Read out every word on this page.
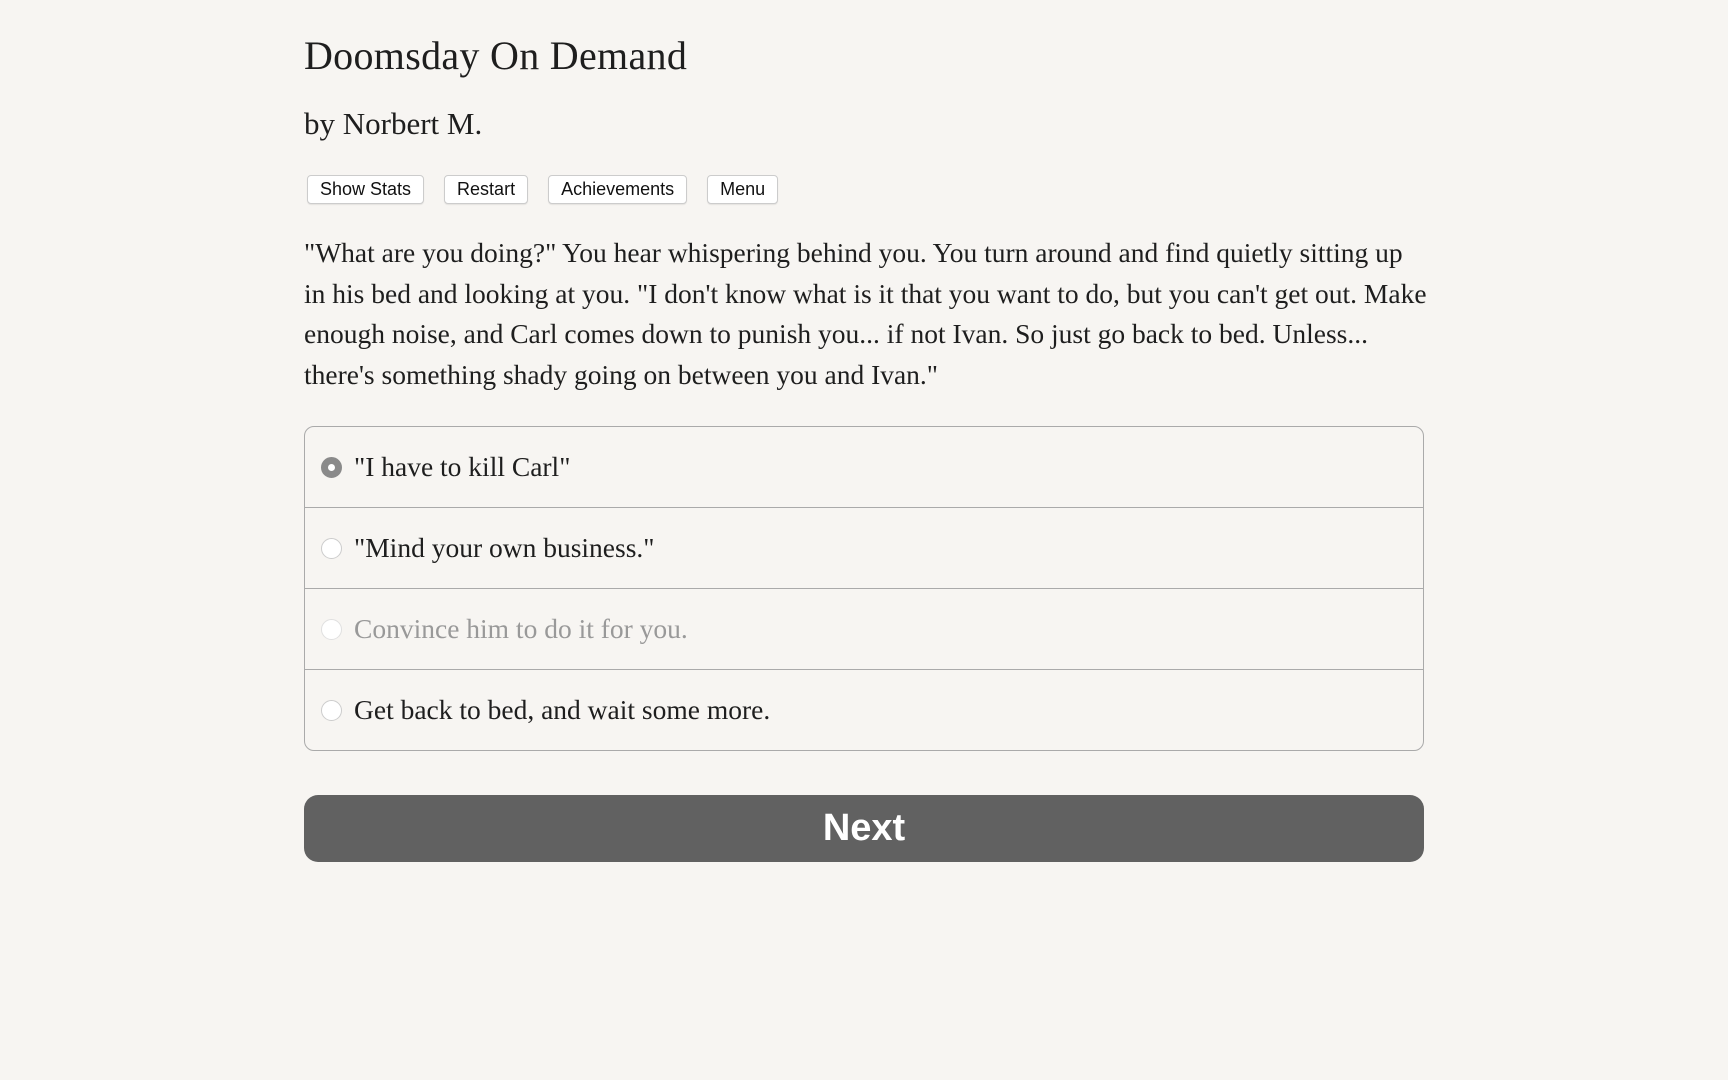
Doomsday On Demand
by Norbert M.
Show Stats	Restart	Achievements	Menu
"What are you doing?" You hear whispering behind you. You turn around and find quietly sitting up in his bed and looking at you. "I don't know what is it that you want to do, but you can't get out. Make enough noise, and Carl comes down to punish you... if not Ivan. So just go back to bed. Unless... there's something shady going on between you and Ivan."
"I have to kill Carl"
"Mind your own business."
Convince him to do it for you.
Get back to bed, and wait some more.
Next
